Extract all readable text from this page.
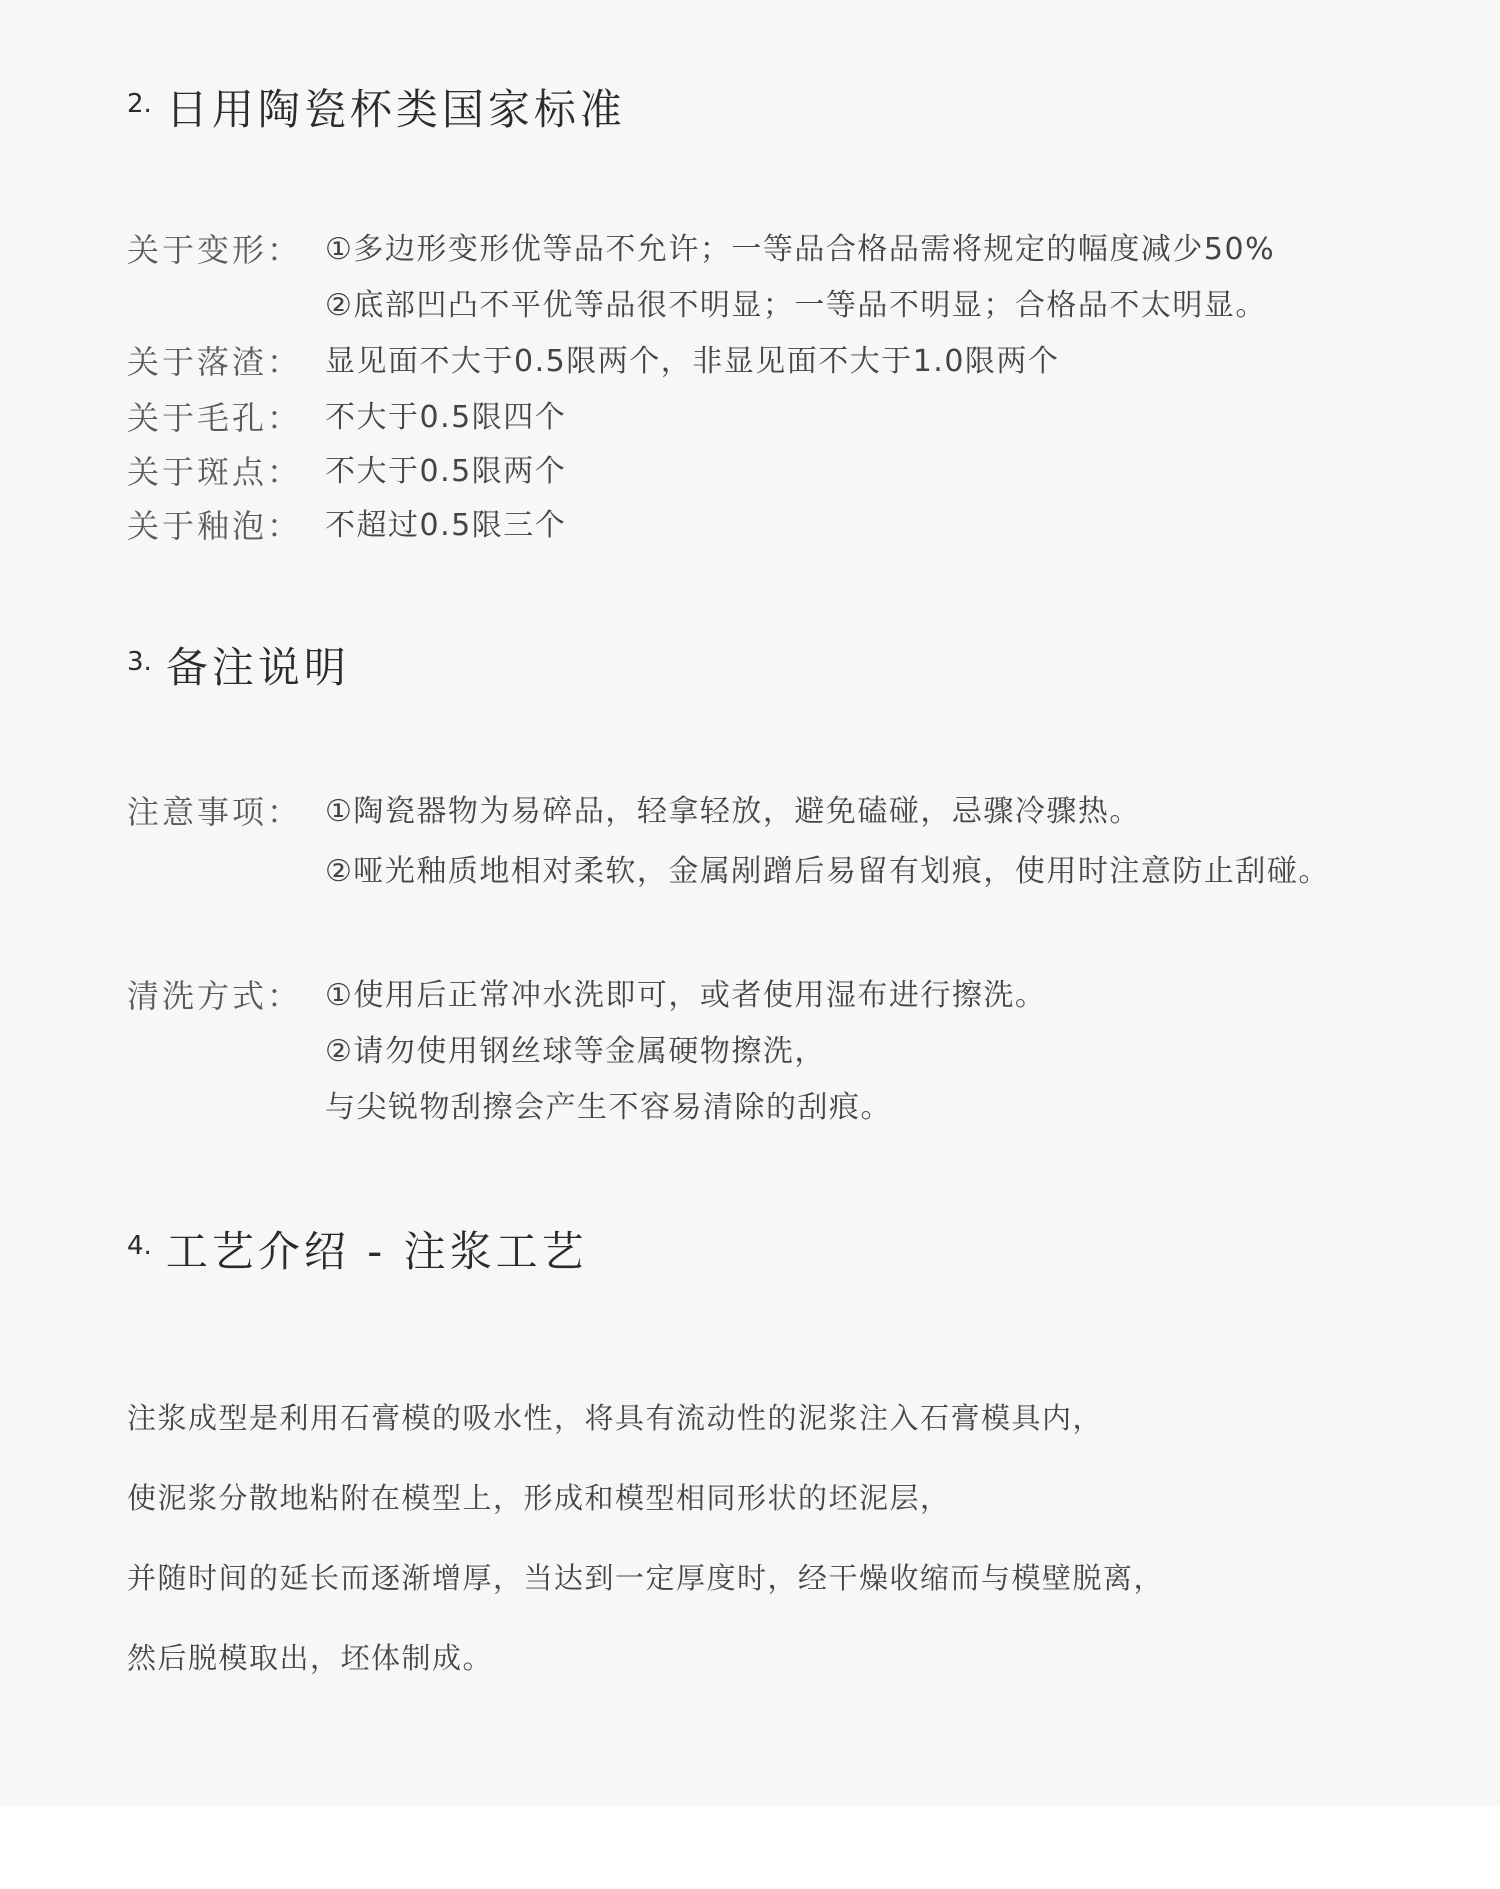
2. 日用陶瓷杯类国家标准
关于变形： ①多边形变形优等品不允许；一等品合格品需将规定的幅度减少50%
②底部凹凸不平优等品很不明显；一等品不明显；合格品不太明显。
关于落渣： 显见面不大于0.5限两个，非显见面不大于1.0限两个
关于毛孔： 不大于0.5限四个
关于斑点： 不大于0.5限两个
关于釉泡： 不超过0.5限三个
3. 备注说明
注意事项： ①陶瓷器物为易碎品，轻拿轻放，避免磕碰，忌骤冷骤热。
②哑光釉质地相对柔软，金属剐蹭后易留有划痕，使用时注意防止刮碰。
清洗方式： ①使用后正常冲水洗即可，或者使用湿布进行擦洗。
②请勿使用钢丝球等金属硬物擦洗，
与尖锐物刮擦会产生不容易清除的刮痕。
4. 工艺介绍 - 注浆工艺
注浆成型是利用石膏模的吸水性，将具有流动性的泥浆注入石膏模具内，
使泥浆分散地粘附在模型上，形成和模型相同形状的坯泥层，
并随时间的延长而逐渐增厚，当达到一定厚度时，经干燥收缩而与模壁脱离，
然后脱模取出，坯体制成。
